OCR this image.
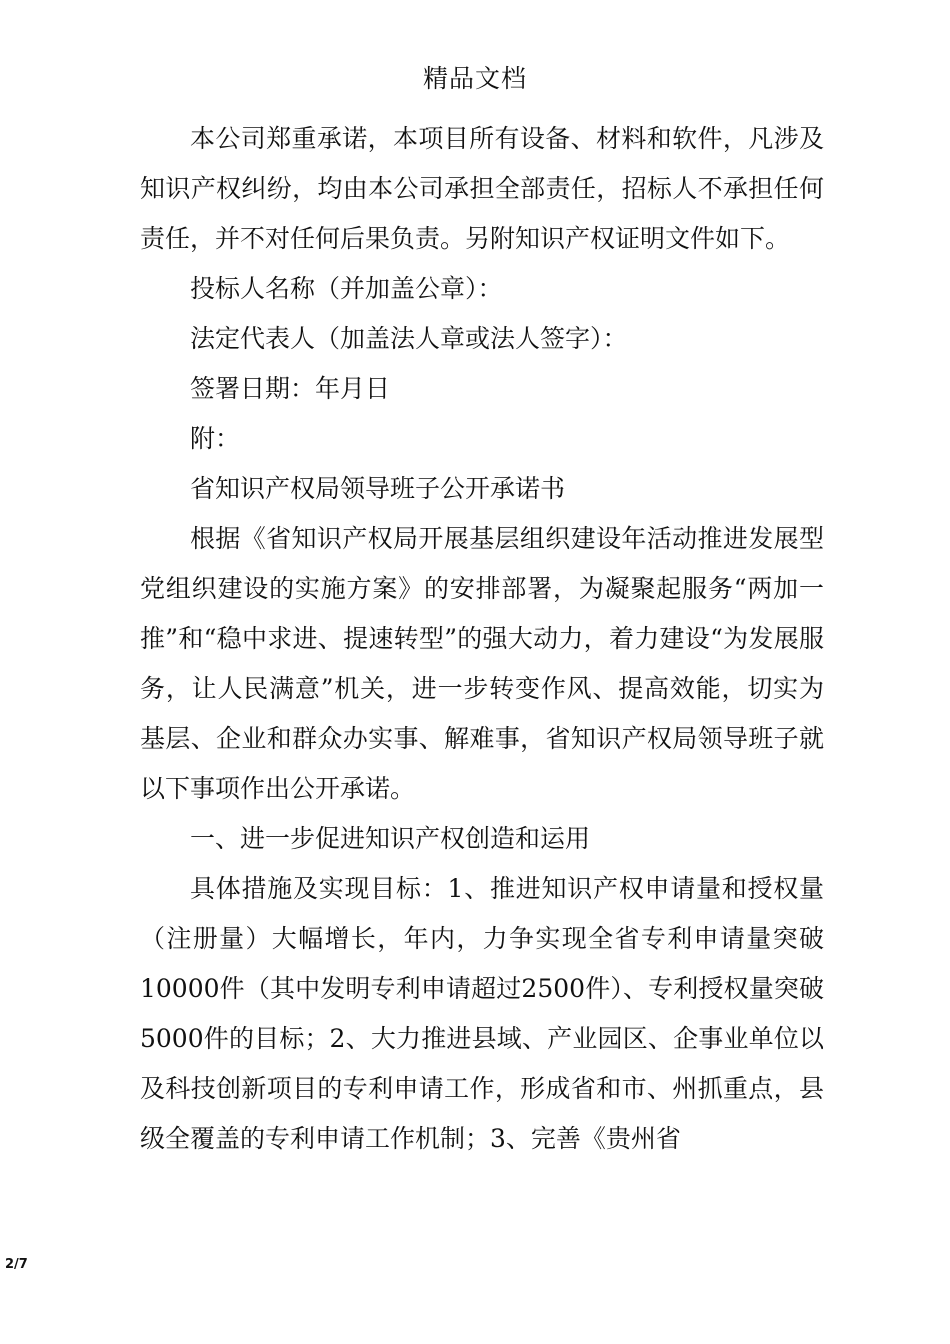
精品文档

本公司郑重承诺，本项目所有设备、材料和软件，凡涉及知识产权纠纷，均由本公司承担全部责任，招标人不承担任何责任，并不对任何后果负责。另附知识产权证明文件如下。

投标人名称（并加盖公章）：

法定代表人（加盖法人章或法人签字）：

签署日期：年月日

附：

省知识产权局领导班子公开承诺书

根据《省知识产权局开展基层组织建设年活动推进发展型党组织建设的实施方案》的安排部署，为凝聚起服务“两加一推”和“稳中求进、提速转型”的强大动力，着力建设“为发展服务，让人民满意”机关，进一步转变作风、提高效能，切实为基层、企业和群众办实事、解难事，省知识产权局领导班子就以下事项作出公开承诺。

一、进一步促进知识产权创造和运用

具体措施及实现目标：1、推进知识产权申请量和授权量（注册量）大幅增长，年内，力争实现全省专利申请量突破10000件（其中发明专利申请超过2500件）、专利授权量突破5000件的目标；2、大力推进县域、产业园区、企事业单位以及科技创新项目的专利申请工作，形成省和市、州抓重点，县级全覆盖的专利申请工作机制；3、完善《贵州省

2/7
